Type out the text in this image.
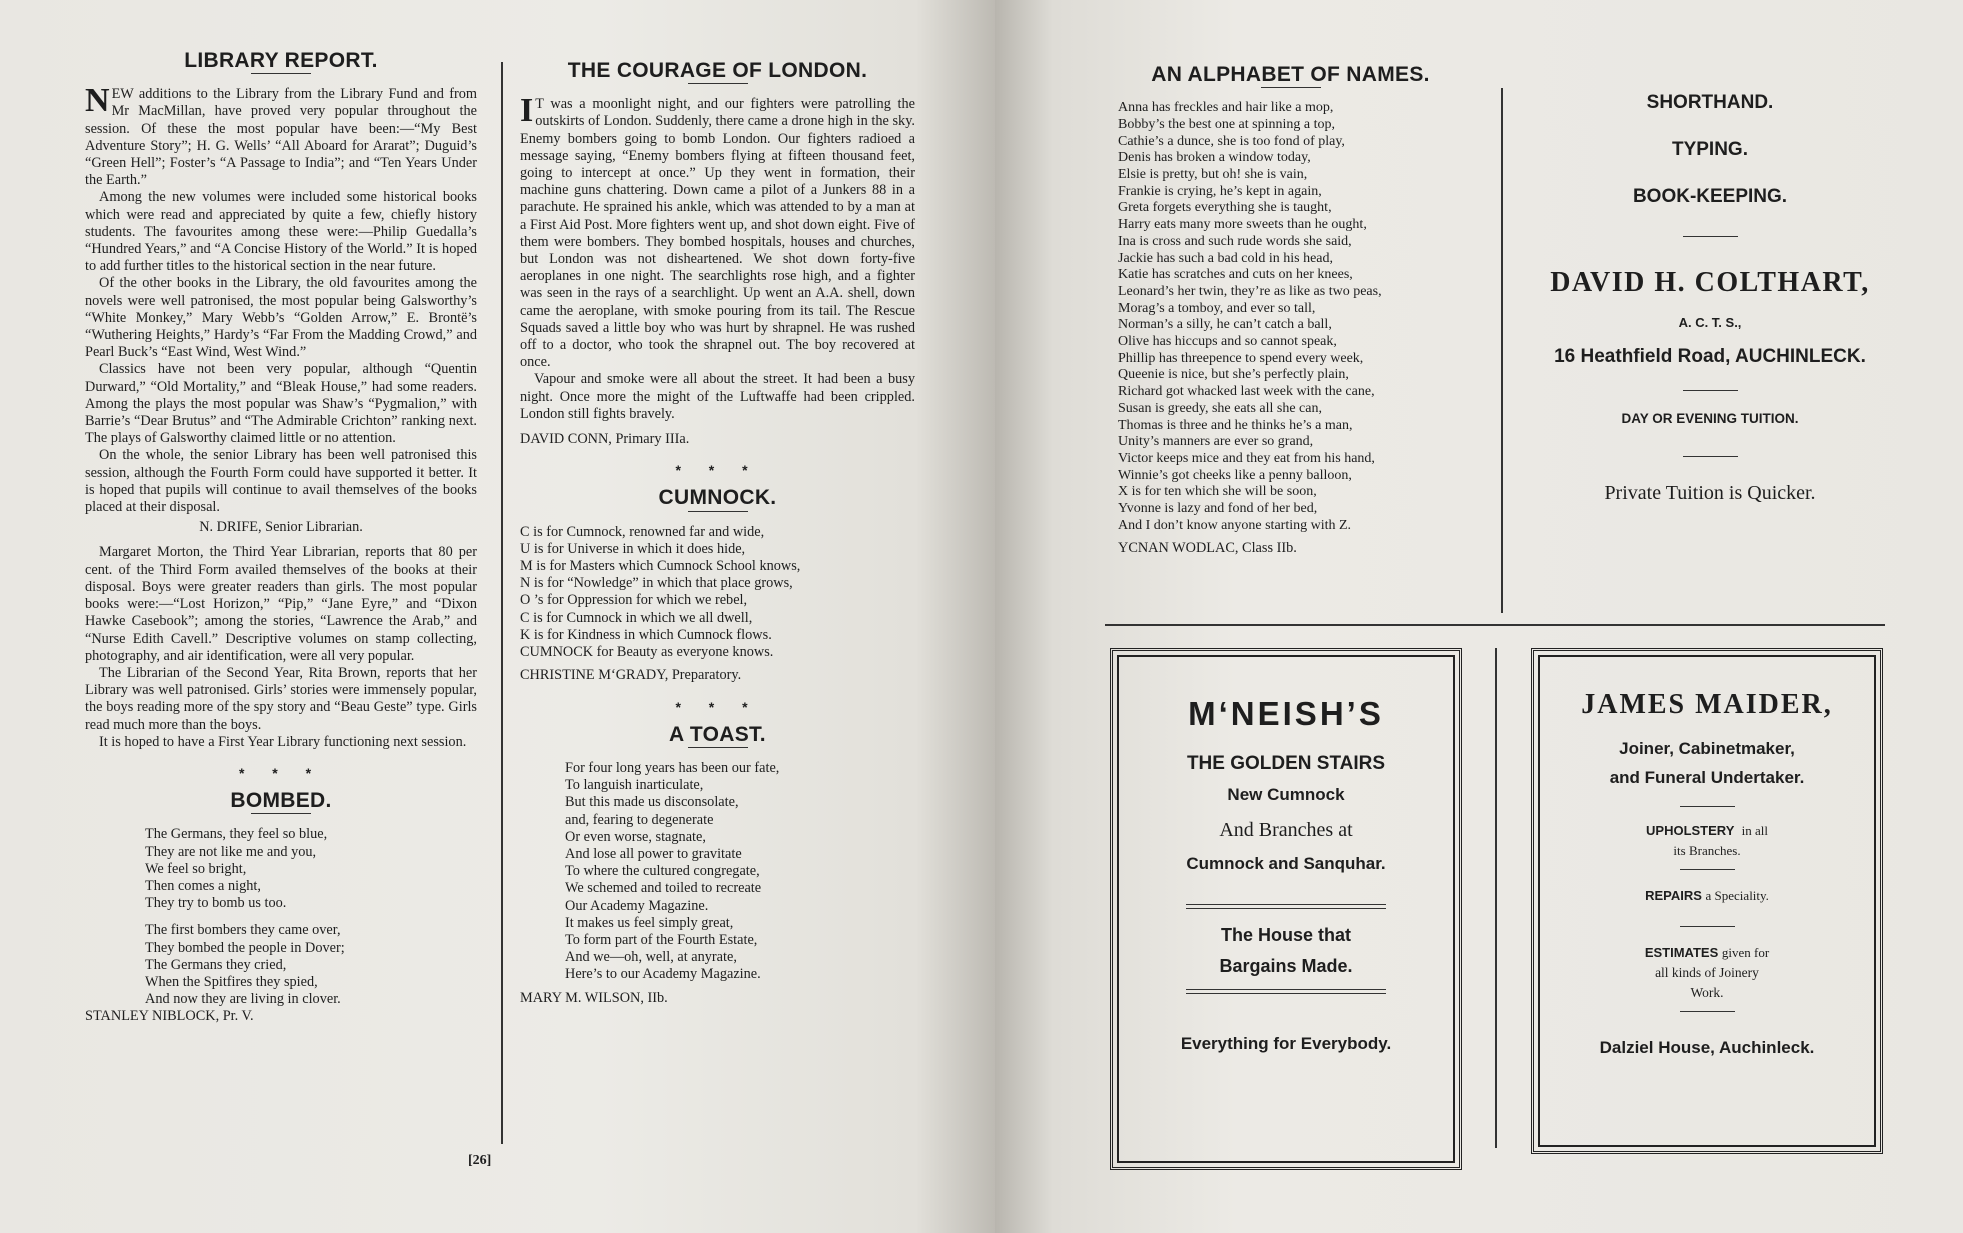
LIBRARY REPORT.

NEW additions to the Library from the Library Fund and from Mr MacMillan, have proved very popular throughout the session. Of these the most popular have been:—“My Best Adventure Story”; H. G. Wells’ “All Aboard for Ararat”; Duguid’s “Green Hell”; Foster’s “A Passage to India”; and “Ten Years Under the Earth.”

Among the new volumes were included some historical books which were read and appreciated by quite a few, chiefly history students. The favourites among these were:—Philip Guedalla’s “Hundred Years,” and “A Concise History of the World.” It is hoped to add further titles to the historical section in the near future.

Of the other books in the Library, the old favourites among the novels were well patronised, the most popular being Galsworthy’s “White Monkey,” Mary Webb’s “Golden Arrow,” E. Brontë’s “Wuthering Heights,” Hardy’s “Far From the Madding Crowd,” and Pearl Buck’s “East Wind, West Wind.”

Classics have not been very popular, although “Quentin Durward,” “Old Mortality,” and “Bleak House,” had some readers. Among the plays the most popular was Shaw’s “Pygmalion,” with Barrie’s “Dear Brutus” and “The Admirable Crichton” ranking next. The plays of Galsworthy claimed little or no attention.

On the whole, the senior Library has been well patronised this session, although the Fourth Form could have supported it better. It is hoped that pupils will continue to avail themselves of the books placed at their disposal.

N. DRIFE, Senior Librarian.

Margaret Morton, the Third Year Librarian, reports that 80 per cent. of the Third Form availed themselves of the books at their disposal. Boys were greater readers than girls. The most popular books were:—“Lost Horizon,” “Pip,” “Jane Eyre,” and “Dixon Hawke Casebook”; among the stories, “Lawrence the Arab,” and “Nurse Edith Cavell.” Descriptive volumes on stamp collecting, photography, and air identification, were all very popular.

The Librarian of the Second Year, Rita Brown, reports that her Library was well patronised. Girls’ stories were immensely popular, the boys reading more of the spy story and “Beau Geste” type. Girls read much more than the boys.

It is hoped to have a First Year Library functioning next session.

* * *
BOMBED.
The Germans, they feel so blue,
They are not like me and you,
We feel so bright,
Then comes a night,
They try to bomb us too.
The first bombers they came over,
They bombed the people in Dover;
The Germans they cried,
When the Spitfires they spied,
And now they are living in clover.

STANLEY NIBLOCK, Pr. V.

THE COURAGE OF LONDON.

I T was a moonlight night, and our fighters were patrolling the outskirts of London. Suddenly, there came a drone high in the sky. Enemy bombers going to bomb London. Our fighters radioed a message saying, “Enemy bombers flying at fifteen thousand feet, going to intercept at once.” Up they went in formation, their machine guns chattering. Down came a pilot of a Junkers 88 in a parachute. He sprained his ankle, which was attended to by a man at a First Aid Post. More fighters went up, and shot down eight. Five of them were bombers. They bombed hospitals, houses and churches, but London was not disheartened. We shot down forty-five aeroplanes in one night. The searchlights rose high, and a fighter was seen in the rays of a searchlight. Up went an A.A. shell, down came the aeroplane, with smoke pouring from its tail. The Rescue Squads saved a little boy who was hurt by shrapnel. He was rushed off to a doctor, who took the shrapnel out. The boy recovered at once.

Vapour and smoke were all about the street. It had been a busy night. Once more the might of the Luftwaffe had been crippled. London still fights bravely.

DAVID CONN, Primary IIIa.

* * *
CUMNOCK.
C is for Cumnock, renowned far and wide,
U is for Universe in which it does hide,
M is for Masters which Cumnock School knows,
N is for “Nowledge” in which that place grows,
O ’s for Oppression for which we rebel,
C is for Cumnock in which we all dwell,
K is for Kindness in which Cumnock flows.
CUMNOCK for Beauty as everyone knows.

CHRISTINE M‘GRADY, Preparatory.

* * *
A TOAST.
For four long years has been our fate,
To languish inarticulate,
But this made us disconsolate,
and, fearing to degenerate
Or even worse, stagnate,
And lose all power to gravitate
To where the cultured congregate,
We schemed and toiled to recreate
Our Academy Magazine.
It makes us feel simply great,
To form part of the Fourth Estate,
And we—oh, well, at anyrate,
Here’s to our Academy Magazine.

MARY M. WILSON, IIb.

[26]
AN ALPHABET OF NAMES.
Anna has freckles and hair like a mop,
Bobby’s the best one at spinning a top,
Cathie’s a dunce, she is too fond of play,
Denis has broken a window today,
Elsie is pretty, but oh! she is vain,
Frankie is crying, he’s kept in again,
Greta forgets everything she is taught,
Harry eats many more sweets than he ought,
Ina is cross and such rude words she said,
Jackie has such a bad cold in his head,
Katie has scratches and cuts on her knees,
Leonard’s her twin, they’re as like as two peas,
Morag’s a tomboy, and ever so tall,
Norman’s a silly, he can’t catch a ball,
Olive has hiccups and so cannot speak,
Phillip has threepence to spend every week,
Queenie is nice, but she’s perfectly plain,
Richard got whacked last week with the cane,
Susan is greedy, she eats all she can,
Thomas is three and he thinks he’s a man,
Unity’s manners are ever so grand,
Victor keeps mice and they eat from his hand,
Winnie’s got cheeks like a penny balloon,
X is for ten which she will be soon,
Yvonne is lazy and fond of her bed,
And I don’t know anyone starting with Z.

YCNAN WODLAC, Class IIb.

SHORTHAND.
TYPING.
BOOK-KEEPING.
DAVID H. COLTHART,
A. C. T. S.,
16 Heathfield Road, AUCHINLECK.
DAY OR EVENING TUITION.
Private Tuition is Quicker.
M‘NEISH’S
THE GOLDEN STAIRS
New Cumnock
And Branches at
Cumnock and Sanquhar.
The House that
Bargains Made.
Everything for Everybody.
JAMES MAIDER,
Joiner, Cabinetmaker,
and Funeral Undertaker.
UPHOLSTERY in all
its Branches.
REPAIRS a Speciality.
ESTIMATES given for
all kinds of Joinery
Work.
Dalziel House, Auchinleck.
